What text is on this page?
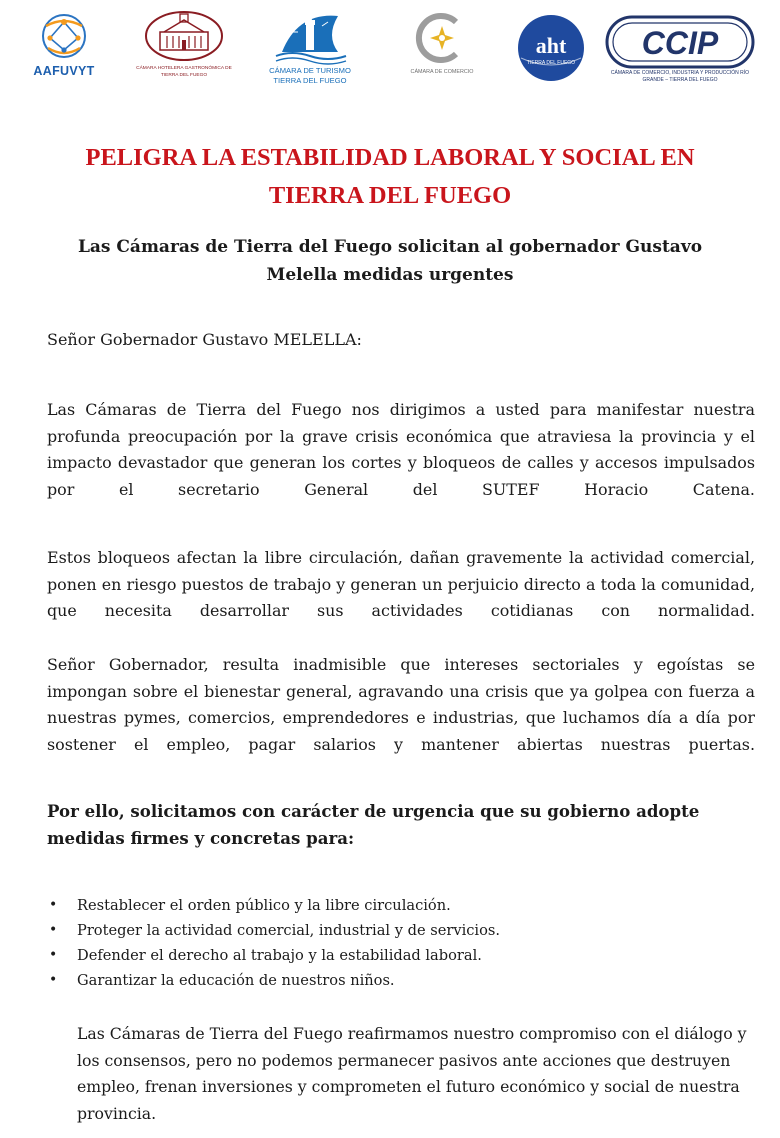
AAFUVYT	CÁMARA HOTELERA GASTRONÓMICA DE TIERRA DEL FUEGO
CÁMARA DE TURISMO TIERRA DEL FUEGO
CÁMARA DE COMERCIO
aht
TIERRA DEL FUEGO
CCIP
CÁMARA DE COMERCIO, INDUSTRIA Y PRODUCCIÓN RÍO GRANDE – TIERRA DEL FUEGO
PELIGRA LA ESTABILIDAD LABORAL Y SOCIAL EN TIERRA DEL FUEGO
Las Cámaras de Tierra del Fuego solicitan al gobernador Gustavo Melella medidas urgentes

Señor Gobernador Gustavo MELELLA:

Las Cámaras de Tierra del Fuego nos dirigimos a usted para manifestar nuestra profunda preocupación por la grave crisis económica que atraviesa la provincia y el impacto devastador que generan los cortes y bloqueos de calles y accesos impulsados por el secretario General del SUTEF Horacio Catena.

Estos bloqueos afectan la libre circulación, dañan gravemente la actividad comercial, ponen en riesgo puestos de trabajo y generan un perjuicio directo a toda la comunidad, que necesita desarrollar sus actividades cotidianas con normalidad.

Señor Gobernador, resulta inadmisible que intereses sectoriales y egoístas se impongan sobre el bienestar general, agravando una crisis que ya golpea con fuerza a nuestras pymes, comercios, emprendedores e industrias, que luchamos día a día por sostener el empleo, pagar salarios y mantener abiertas nuestras puertas.

Por ello, solicitamos con carácter de urgencia que su gobierno adopte medidas firmes y concretas para:

• Restablecer el orden público y la libre circulación.
• Proteger la actividad comercial, industrial y de servicios.
• Defender el derecho al trabajo y la estabilidad laboral.
• Garantizar la educación de nuestros niños.

Las Cámaras de Tierra del Fuego reafirmamos nuestro compromiso con el diálogo y los consensos, pero no podemos permanecer pasivos ante acciones que destruyen empleo, frenan inversiones y comprometen el futuro económico y social de nuestra provincia.
